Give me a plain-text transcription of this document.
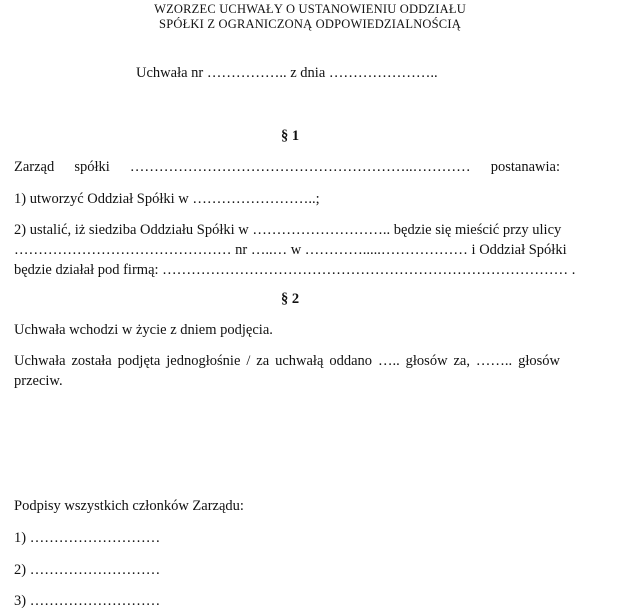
WZORZEC UCHWAŁY O USTANOWIENIU ODDZIAŁU
SPÓŁKI Z OGRANICZONĄ ODPOWIEDZIALNOŚCIĄ
Uchwała nr …………….. z dnia …………………..
§ 1
Zarząd spółki …………………………………………………..………… postanawia:
1) utworzyć Oddział Spółki w ……………………..;
2) ustalić, iż siedziba Oddziału Spółki w ……………………….. będzie się mieścić przy ulicy
……………………………………… nr …..… w ………….....……………… i Oddział Spółki
będzie działał pod firmą: ………………………………………………………………………… .
§ 2
Uchwała wchodzi w życie z dniem podjęcia.
Uchwała została podjęta jednogłośnie / za uchwałą oddano ….. głosów za, …….. głosów
przeciw.
Podpisy wszystkich członków Zarządu:
1) ………………………
2) ………………………
3) ………………………
